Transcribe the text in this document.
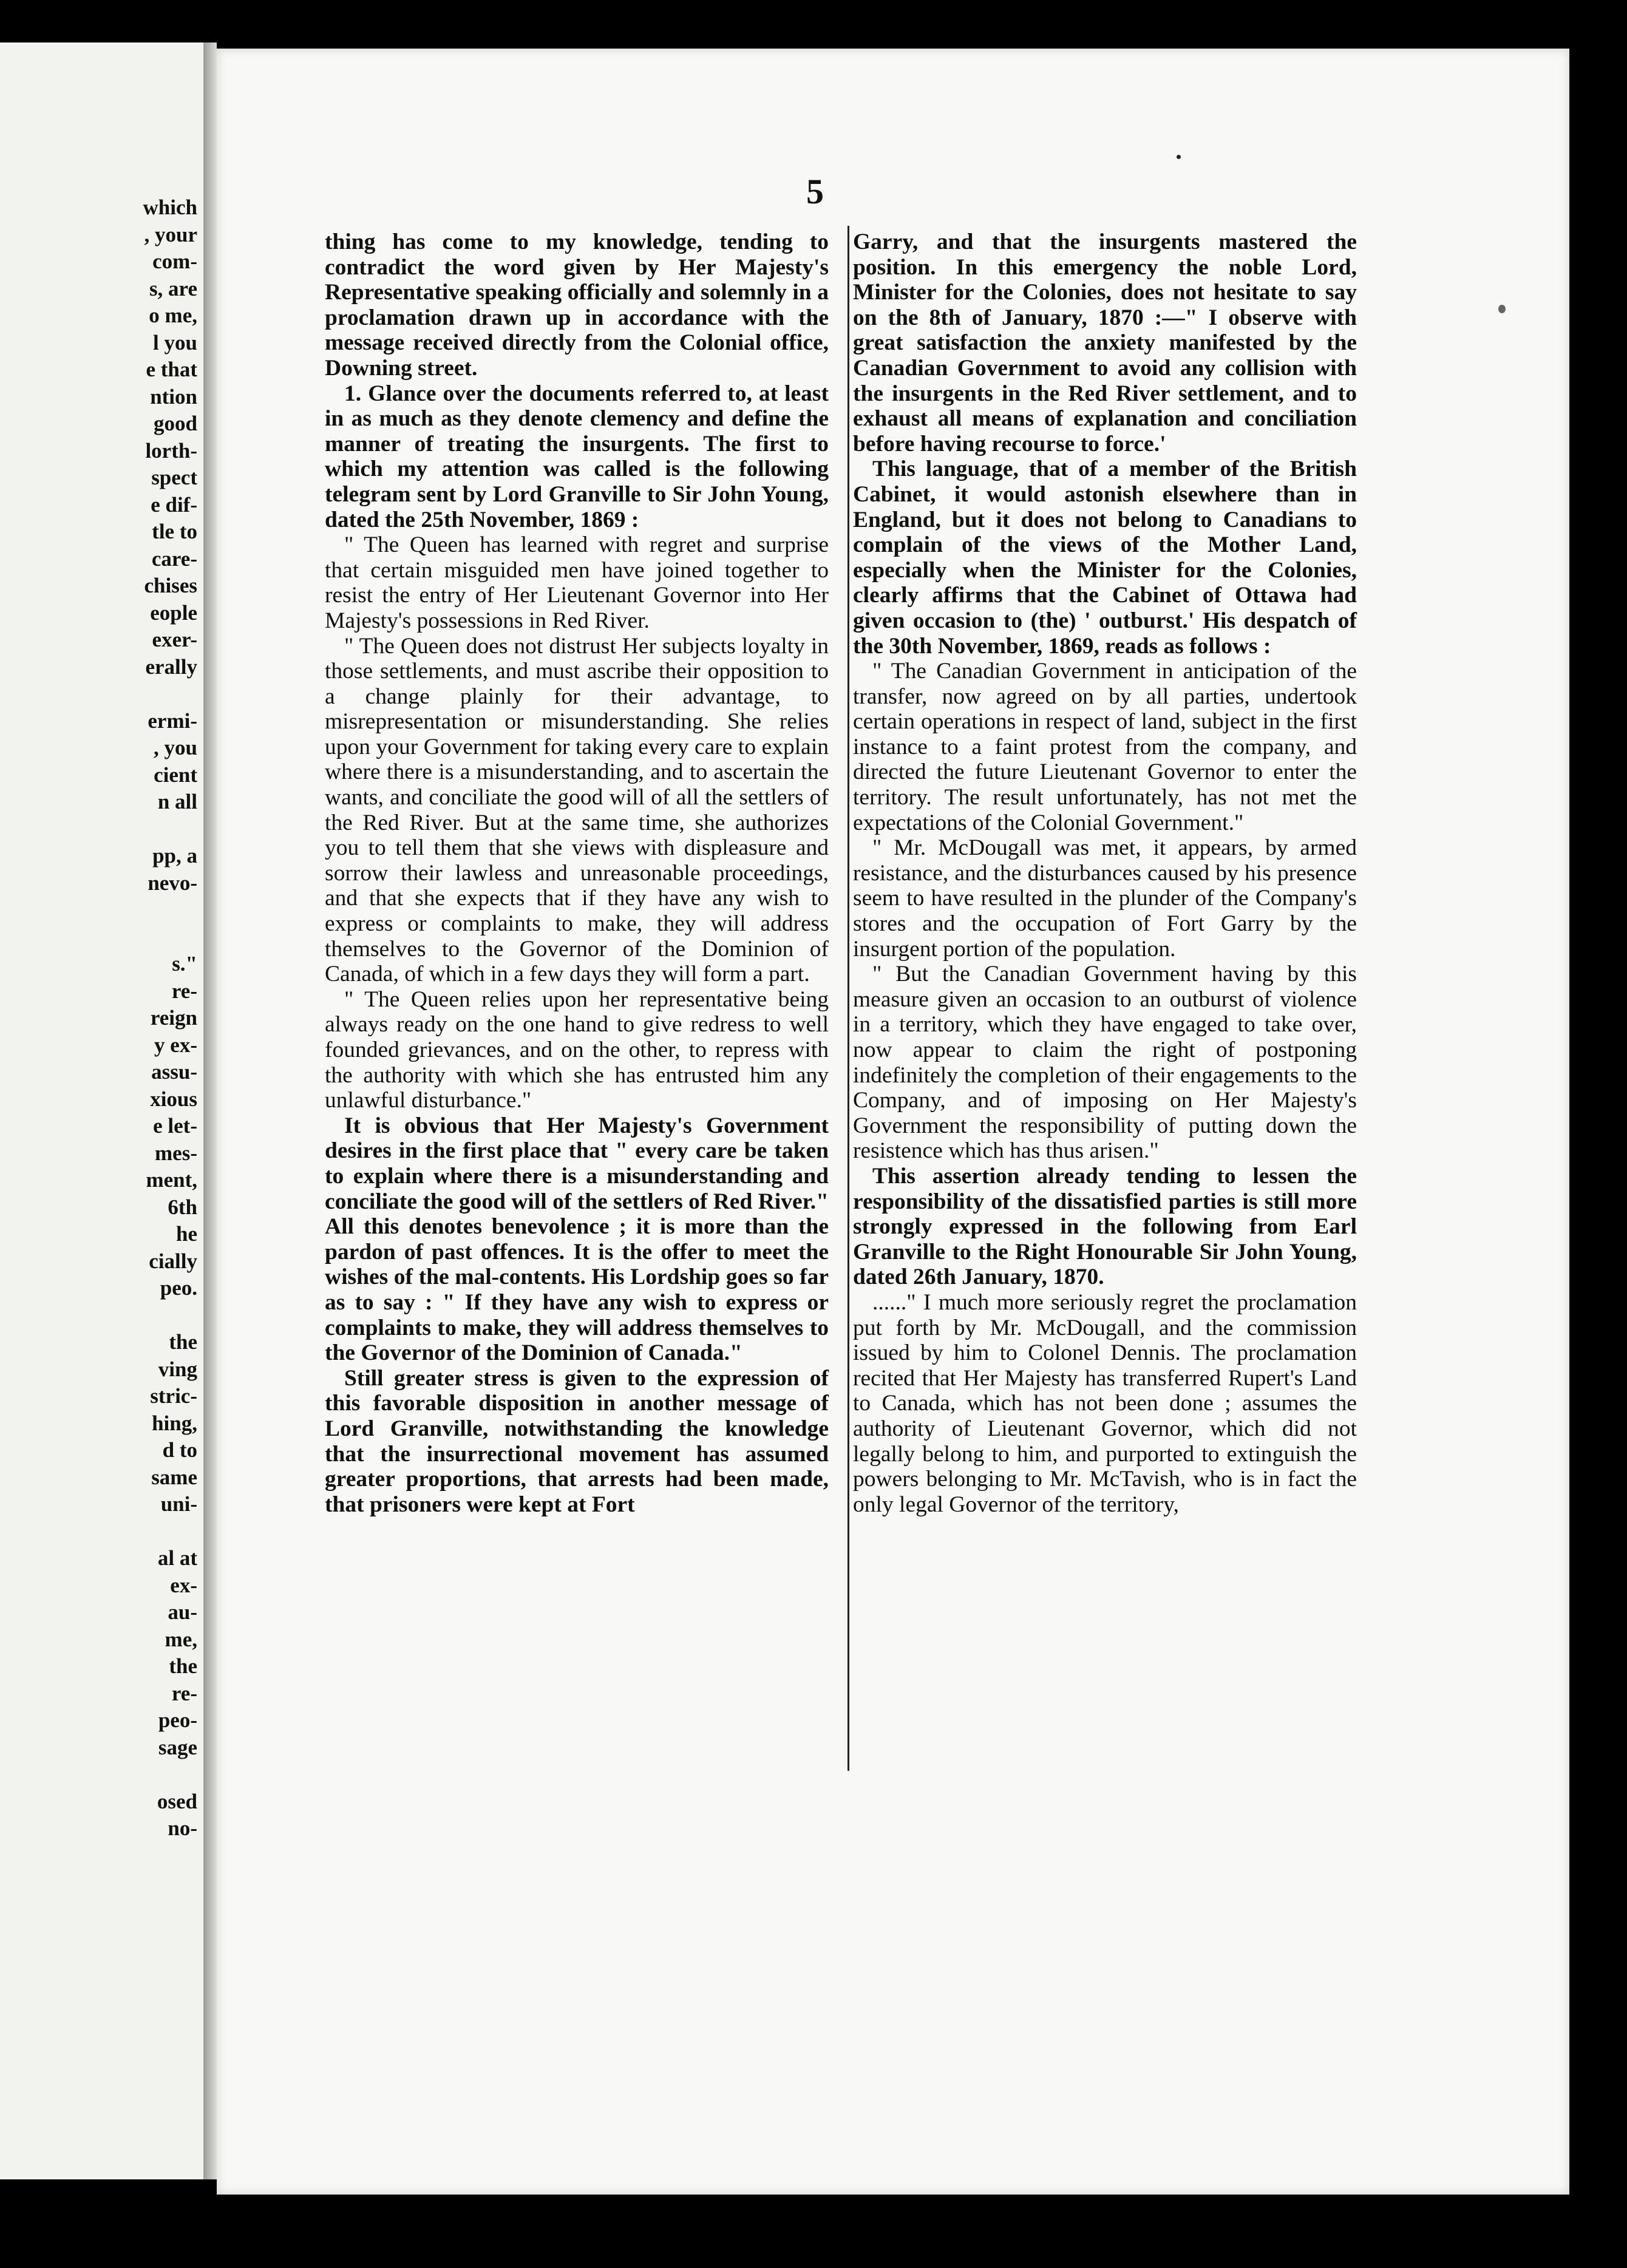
which
, your
com-
s, are
o me,
l you
e that
ntion
good
lorth-
spect
e dif-
tle to
care-
chises
eople
exer-
erally
ermi-
, you
cient
n all
pp, a
nevo-
s."
re-
reign
y ex-
assu-
xious
e let-
mes-
ment,
6th
he
cially
peo.
the
ving
stric-
hing,
d to
same
uni-
al at
ex-
au-
me,
the
re-
peo-
sage
osed
no-
5

thing has come to my knowledge, tending to contradict the word given by Her Majesty's Representative speaking officially and solemnly in a proclamation drawn up in accordance with the message received directly from the Colonial office, Downing street.

1. Glance over the documents referred to, at least in as much as they denote clemency and define the manner of treating the insurgents. The first to which my attention was called is the following telegram sent by Lord Granville to Sir John Young, dated the 25th November, 1869 :

" The Queen has learned with regret and surprise that certain misguided men have joined together to resist the entry of Her Lieutenant Governor into Her Majesty's possessions in Red River.

" The Queen does not distrust Her subjects loyalty in those settlements, and must ascribe their opposition to a change plainly for their advantage, to misrepresentation or misunderstanding. She relies upon your Government for taking every care to explain where there is a misunderstanding, and to ascertain the wants, and conciliate the good will of all the settlers of the Red River. But at the same time, she authorizes you to tell them that she views with displeasure and sorrow their lawless and unreasonable proceedings, and that she expects that if they have any wish to express or complaints to make, they will address themselves to the Governor of the Dominion of Canada, of which in a few days they will form a part.

" The Queen relies upon her representative being always ready on the one hand to give redress to well founded grievances, and on the other, to repress with the authority with which she has entrusted him any unlawful disturbance."

It is obvious that Her Majesty's Government desires in the first place that " every care be taken to explain where there is a misunderstanding and conciliate the good will of the settlers of Red River." All this denotes benevolence ; it is more than the pardon of past offences. It is the offer to meet the wishes of the mal-contents. His Lordship goes so far as to say : " If they have any wish to express or complaints to make, they will address themselves to the Governor of the Dominion of Canada."

Still greater stress is given to the expression of this favorable disposition in another message of Lord Granville, notwithstanding the knowledge that the insurrectional movement has assumed greater proportions, that arrests had been made, that prisoners were kept at Fort

Garry, and that the insurgents mastered the position. In this emergency the noble Lord, Minister for the Colonies, does not hesitate to say on the 8th of January, 1870 :—" I observe with great satisfaction the anxiety manifested by the Canadian Government to avoid any collision with the insurgents in the Red River settlement, and to exhaust all means of explanation and conciliation before having recourse to force.'

This language, that of a member of the British Cabinet, it would astonish elsewhere than in England, but it does not belong to Canadians to complain of the views of the Mother Land, especially when the Minister for the Colonies, clearly affirms that the Cabinet of Ottawa had given occasion to (the) ' outburst.' His despatch of the 30th November, 1869, reads as follows :

" The Canadian Government in anticipation of the transfer, now agreed on by all parties, undertook certain operations in respect of land, subject in the first instance to a faint protest from the company, and directed the future Lieutenant Governor to enter the territory. The result unfortunately, has not met the expectations of the Colonial Government."

" Mr. McDougall was met, it appears, by armed resistance, and the disturbances caused by his presence seem to have resulted in the plunder of the Company's stores and the occupation of Fort Garry by the insurgent portion of the population.

" But the Canadian Government having by this measure given an occasion to an outburst of violence in a territory, which they have engaged to take over, now appear to claim the right of postponing indefinitely the completion of their engagements to the Company, and of imposing on Her Majesty's Government the responsibility of putting down the resistence which has thus arisen."

This assertion already tending to lessen the responsibility of the dissatisfied parties is still more strongly expressed in the following from Earl Granville to the Right Honourable Sir John Young, dated 26th January, 1870.

......" I much more seriously regret the proclamation put forth by Mr. McDougall, and the commission issued by him to Colonel Dennis. The proclamation recited that Her Majesty has transferred Rupert's Land to Canada, which has not been done ; assumes the authority of Lieutenant Governor, which did not legally belong to him, and purported to extinguish the powers belonging to Mr. McTavish, who is in fact the only legal Governor of the territory,
